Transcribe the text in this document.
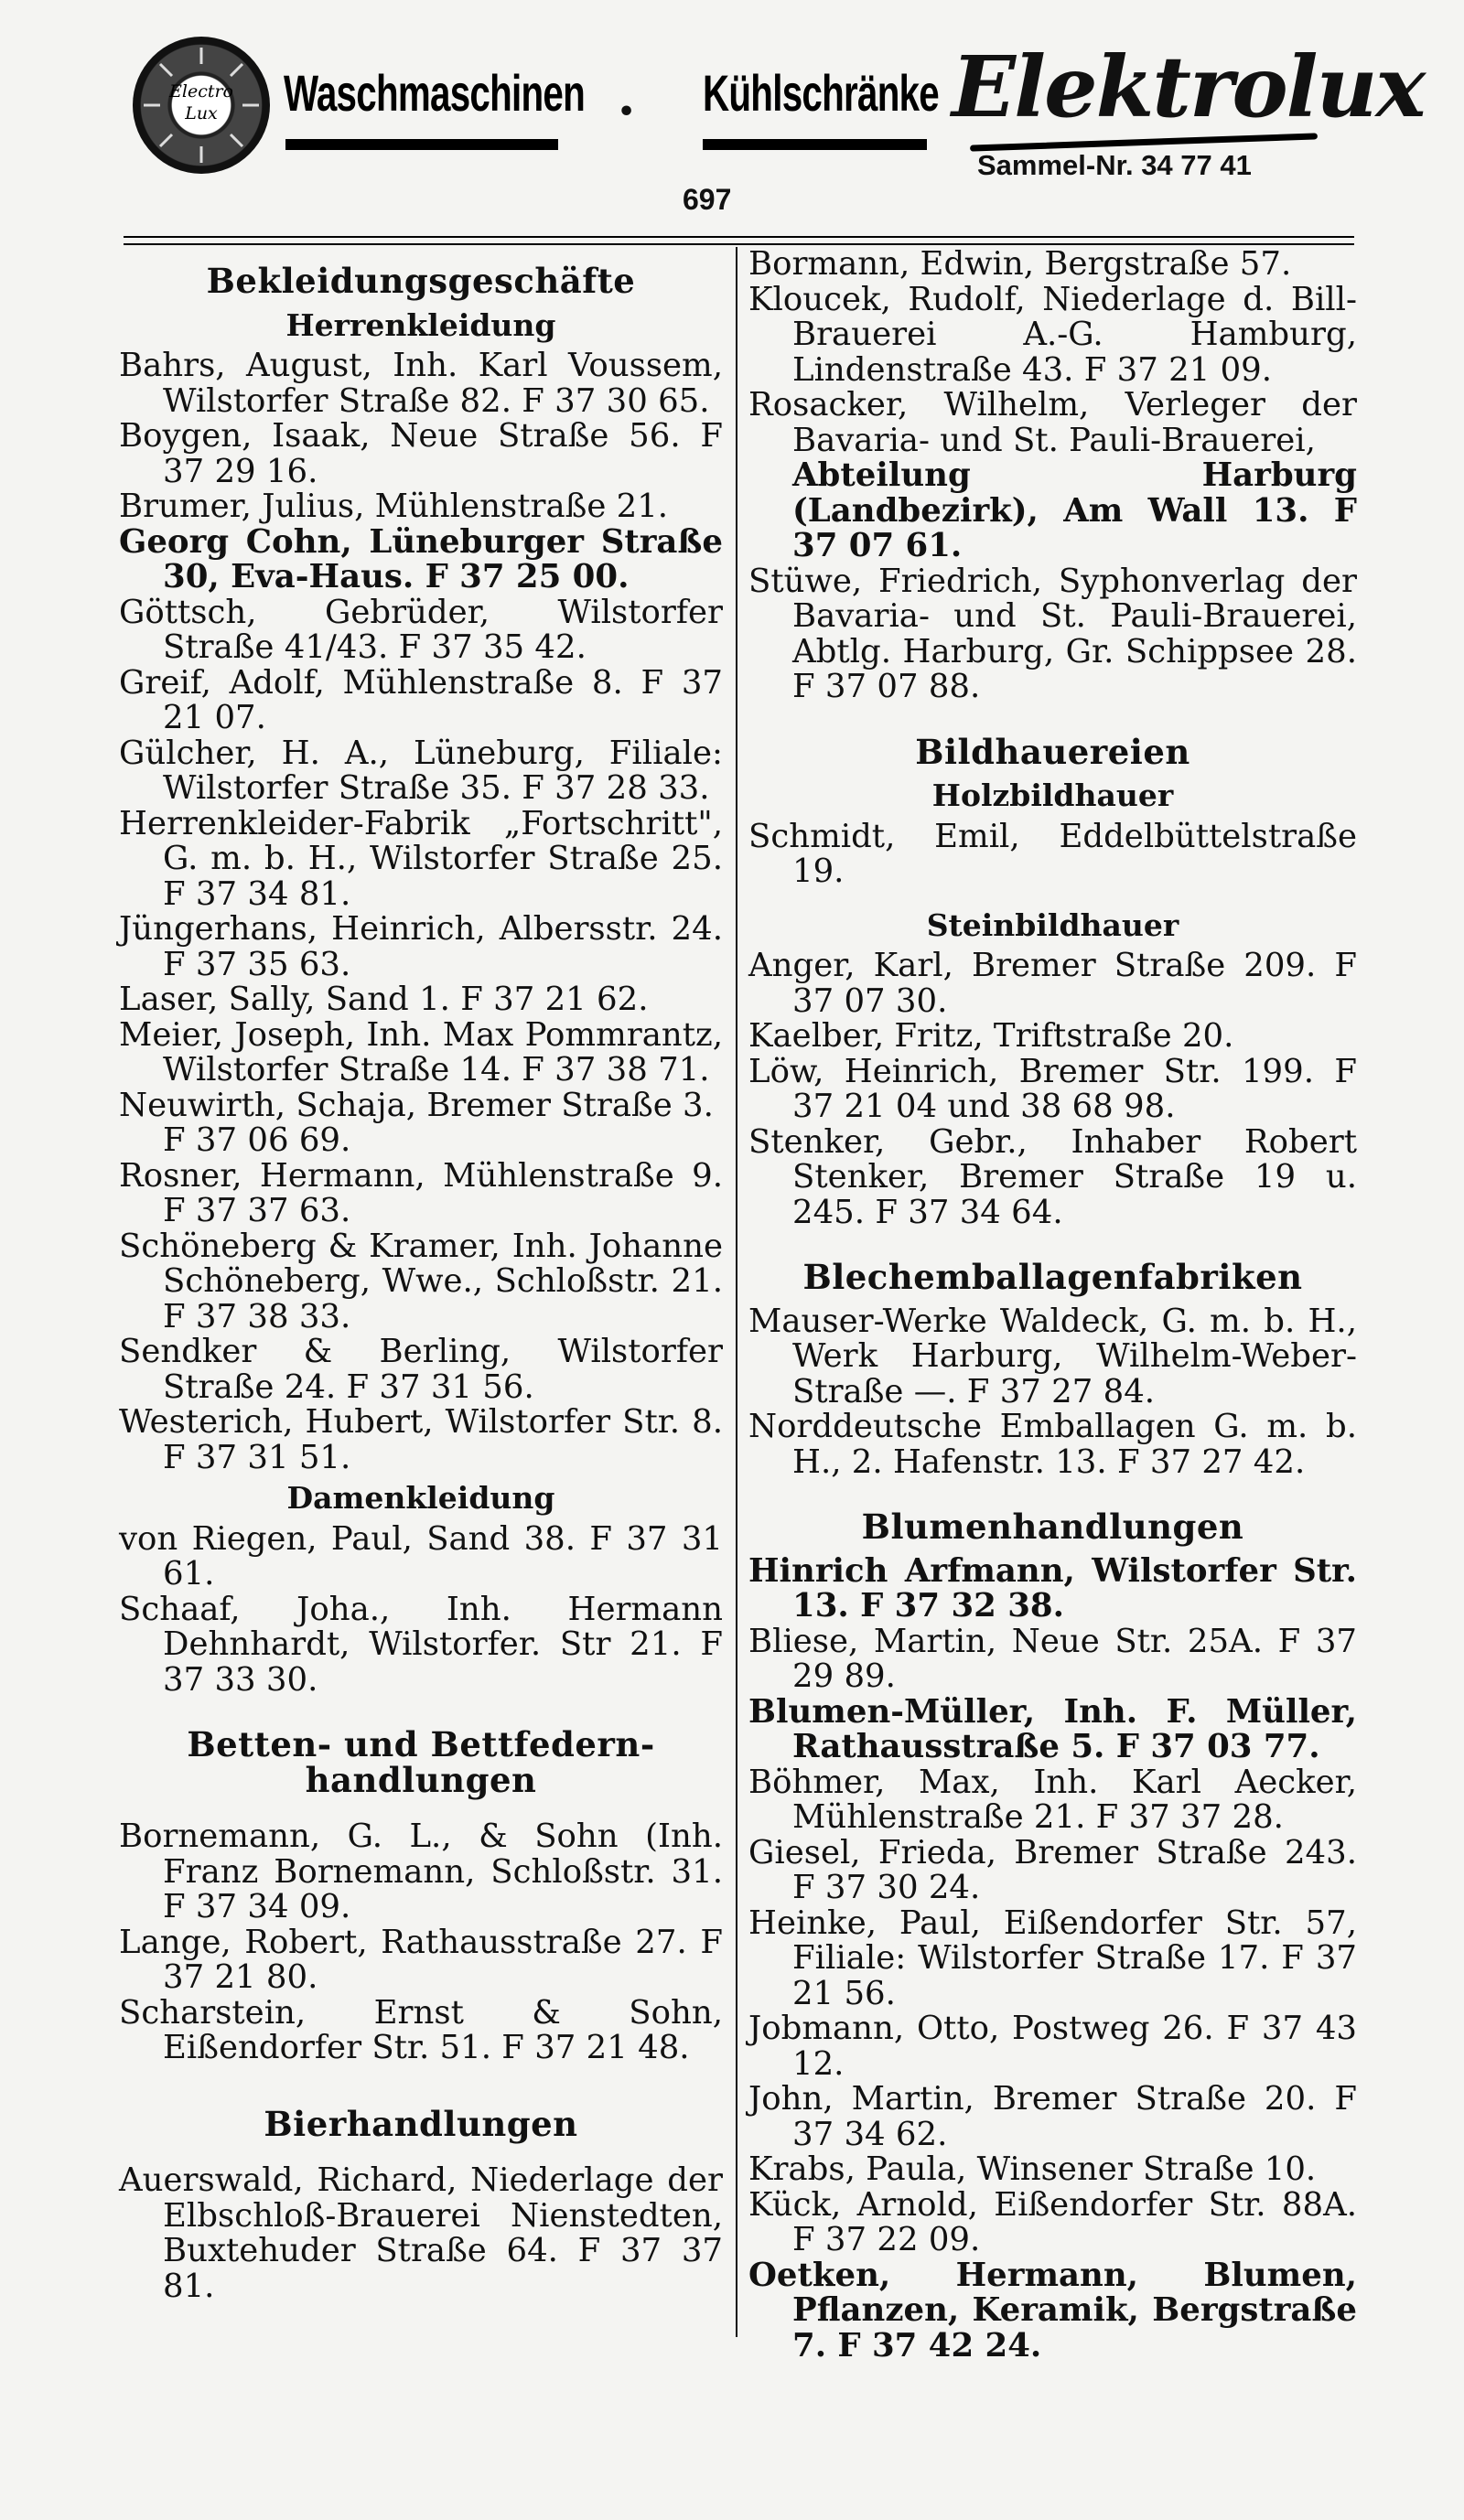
Electro Lux	Waschmaschinen • Kühlschränke Elektrolux
Sammel-Nr. 34 77 41
697
Bekleidungsgeschäfte
Herrenkleidung

Bahrs, August, Inh. Karl Voussem, Wilstorfer Straße 82. F 37 30 65.

Boygen, Isaak, Neue Straße 56. F 37 29 16.

Brumer, Julius, Mühlenstraße 21.

Georg Cohn, Lüneburger Straße 30, Eva-Haus. F 37 25 00.

Göttsch, Gebrüder, Wilstorfer Straße 41/43. F 37 35 42.

Greif, Adolf, Mühlenstraße 8. F 37 21 07.

Gülcher, H. A., Lüneburg, Filiale: Wilstorfer Straße 35. F 37 28 33.

Herrenkleider-Fabrik „Fortschritt", G. m. b. H., Wilstorfer Straße 25. F 37 34 81.

Jüngerhans, Heinrich, Albersstr. 24. F 37 35 63.

Laser, Sally, Sand 1. F 37 21 62.

Meier, Joseph, Inh. Max Pommrantz, Wilstorfer Straße 14. F 37 38 71.

Neuwirth, Schaja, Bremer Straße 3.

F 37 06 69.

Rosner, Hermann, Mühlenstraße 9. F 37 37 63.

Schöneberg & Kramer, Inh. Johanne Schöneberg, Wwe., Schloßstr. 21. F 37 38 33.

Sendker & Berling, Wilstorfer Straße 24. F 37 31 56.

Westerich, Hubert, Wilstorfer Str. 8. F 37 31 51.

Damenkleidung

von Riegen, Paul, Sand 38. F 37 31 61.

Schaaf, Joha., Inh. Hermann Dehnhardt, Wilstorfer. Str 21. F 37 33 30.

Betten- und Bettfedern-handlungen

Bornemann, G. L., & Sohn (Inh. Franz Bornemann, Schloßstr. 31. F 37 34 09.

Lange, Robert, Rathausstraße 27. F 37 21 80.

Scharstein, Ernst & Sohn, Eißendorfer Str. 51. F 37 21 48.

Bierhandlungen

Auerswald, Richard, Niederlage der Elbschloß-Brauerei Nienstedten, Buxtehuder Straße 64. F 37 37 81.

Bormann, Edwin, Bergstraße 57.

Kloucek, Rudolf, Niederlage d. Bill-Brauerei A.-G. Hamburg, Lindenstraße 43. F 37 21 09.

Rosacker, Wilhelm, Verleger der Bavaria- und St. Pauli-Brauerei,

Abteilung Harburg (Landbezirk), Am Wall 13. F 37 07 61.

Stüwe, Friedrich, Syphonverlag der Bavaria- und St. Pauli-Brauerei, Abtlg. Harburg, Gr. Schippsee 28. F 37 07 88.

Bildhauereien
Holzbildhauer

Schmidt, Emil, Eddelbüttelstraße 19.

Steinbildhauer

Anger, Karl, Bremer Straße 209. F 37 07 30.

Kaelber, Fritz, Triftstraße 20.

Löw, Heinrich, Bremer Str. 199. F 37 21 04 und 38 68 98.

Stenker, Gebr., Inhaber Robert Stenker, Bremer Straße 19 u. 245. F 37 34 64.

Blechemballagenfabriken

Mauser-Werke Waldeck, G. m. b. H., Werk Harburg, Wilhelm-Weber-Straße —. F 37 27 84.

Norddeutsche Emballagen G. m. b. H., 2. Hafenstr. 13. F 37 27 42.

Blumenhandlungen

Hinrich Arfmann, Wilstorfer Str. 13. F 37 32 38.

Bliese, Martin, Neue Str. 25A. F 37 29 89.

Blumen-Müller, Inh. F. Müller, Rathausstraße 5. F 37 03 77.

Böhmer, Max, Inh. Karl Aecker, Mühlenstraße 21. F 37 37 28.

Giesel, Frieda, Bremer Straße 243. F 37 30 24.

Heinke, Paul, Eißendorfer Str. 57, Filiale: Wilstorfer Straße 17. F 37 21 56.

Jobmann, Otto, Postweg 26. F 37 43 12.

John, Martin, Bremer Straße 20. F 37 34 62.

Krabs, Paula, Winsener Straße 10.

Kück, Arnold, Eißendorfer Str. 88A. F 37 22 09.

Oetken, Hermann, Blumen, Pflanzen, Keramik, Bergstraße 7. F 37 42 24.
